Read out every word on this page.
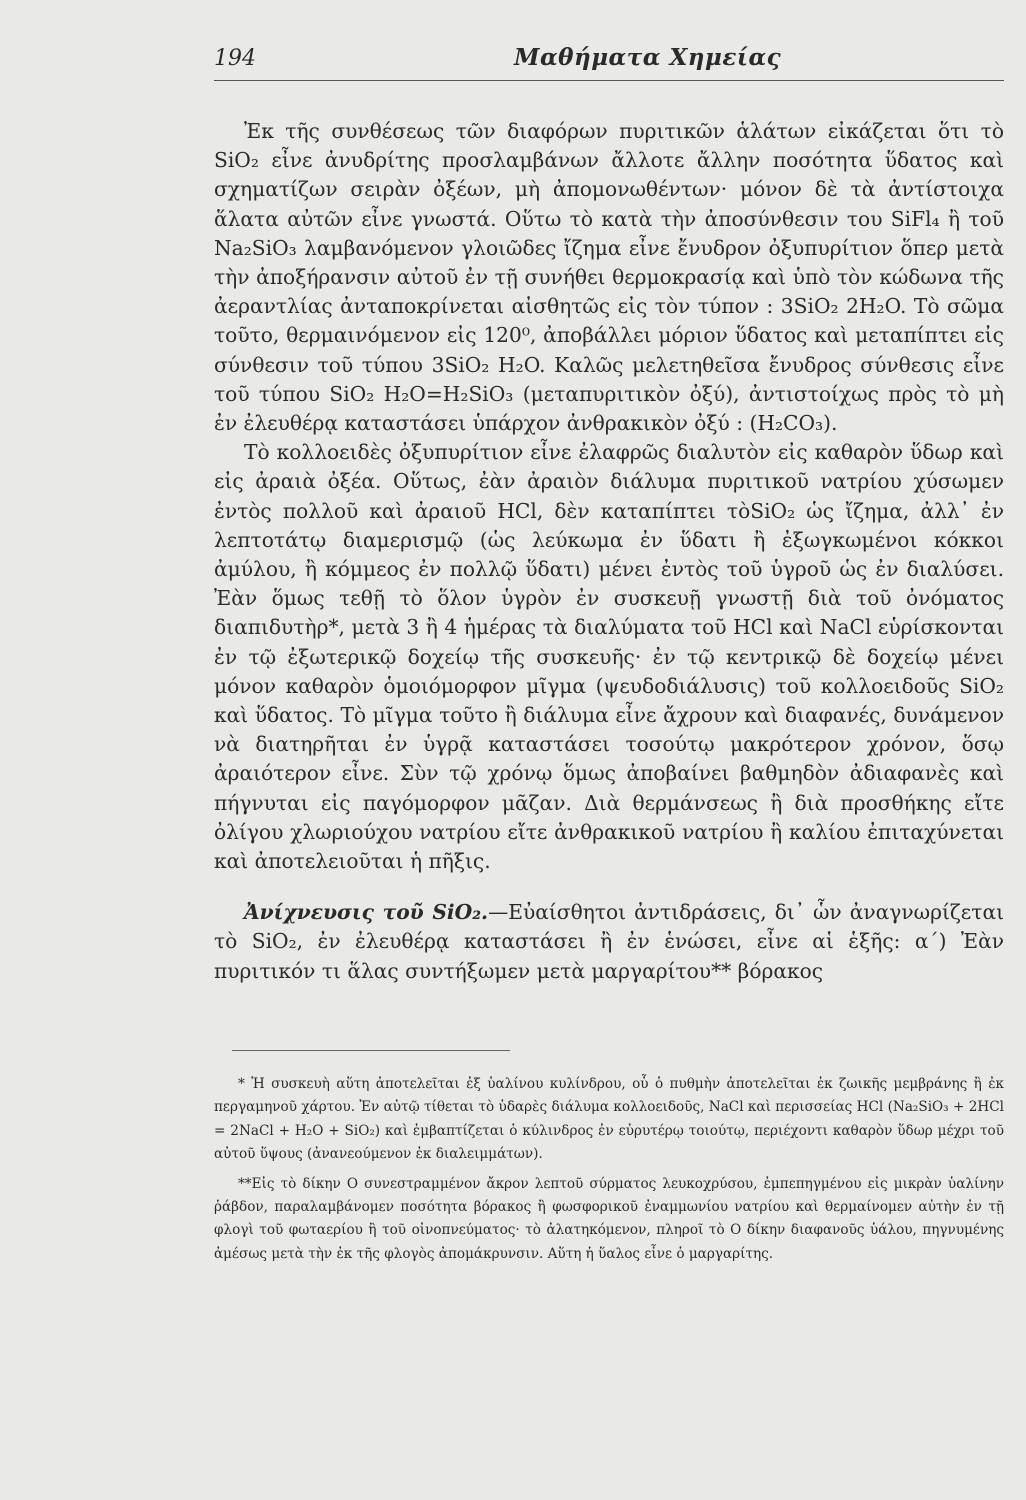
194	Μαθήματα Χημείας

Ἐκ τῆς συνθέσεως τῶν διαφόρων πυριτικῶν ἁλάτων εἰκάζεται ὅτι τὸ SiO₂ εἶνε ἀνυδρίτης προσλαμβάνων ἄλλοτε ἄλλην ποσότητα ὕδατος καὶ σχηματίζων σειρὰν ὀξέων, μὴ ἀπομονωθέντων· μόνον δὲ τὰ ἀντίστοιχα ἅλατα αὐτῶν εἶνε γνωστά. Οὕτω τὸ κατὰ τὴν ἀποσύνθεσιν του SiFl₄ ἢ τοῦ Na₂SiO₃ λαμβανόμενον γλοιῶδες ἴζημα εἶνε ἔνυδρον ὀξυπυρίτιον ὅπερ μετὰ τὴν ἀποξήρανσιν αὐτοῦ ἐν τῇ συνήθει θερμοκρασίᾳ καὶ ὑπὸ τὸν κώδωνα τῆς ἀεραντλίας ἀνταποκρίνεται αἰσθητῶς εἰς τὸν τύπον : 3SiO₂ 2H₂O. Τὸ σῶμα τοῦτο, θερμαινόμενον εἰς 120⁰, ἀποβάλλει μόριον ὕδατος καὶ μεταπίπτει εἰς σύνθεσιν τοῦ τύπου 3SiO₂ H₂O. Καλῶς μελετηθεῖσα ἔνυδρος σύνθεσις εἶνε τοῦ τύπου SiO₂ H₂O=H₂SiO₃ (μεταπυριτικὸν ὀξύ), ἀντιστοίχως πρὸς τὸ μὴ ἐν ἐλευθέρᾳ καταστάσει ὑπάρχον ἀνθρακικὸν ὀξύ : (H₂CO₃).

Τὸ κολλοειδὲς ὀξυπυρίτιον εἶνε ἐλαφρῶς διαλυτὸν εἰς καθαρὸν ὕδωρ καὶ εἰς ἀραιὰ ὀξέα. Οὕτως, ἐὰν ἀραιὸν διάλυμα πυριτικοῦ νατρίου χύσωμεν ἐντὸς πολλοῦ καὶ ἀραιοῦ HCl, δὲν καταπίπτει τὸSiO₂ ὡς ἴζημα, ἀλλ᾽ ἐν λεπτοτάτῳ διαμερισμῷ (ὡς λεύκωμα ἐν ὕδατι ἢ ἐξωγκωμένοι κόκκοι ἀμύλου, ἢ κόμμεος ἐν πολλῷ ὕδατι) μένει ἐντὸς τοῦ ὑγροῦ ὡς ἐν διαλύσει. Ἐὰν ὅμως τεθῇ τὸ ὅλον ὑγρὸν ἐν συσκευῇ γνωστῇ διὰ τοῦ ὀνόματος διαπιδυτὴρ*, μετὰ 3 ἢ 4 ἡμέρας τὰ διαλύματα τοῦ HCl καὶ NaCl εὑρίσκονται ἐν τῷ ἐξωτερικῷ δοχείῳ τῆς συσκευῆς· ἐν τῷ κεντρικῷ δὲ δοχείῳ μένει μόνον καθαρὸν ὁμοιόμορφον μῖγμα (ψευδοδιάλυσις) τοῦ κολλοειδοῦς SiO₂ καὶ ὕδατος. Τὸ μῖγμα τοῦτο ἢ διάλυμα εἶνε ἄχρουν καὶ διαφανές, δυνάμενον νὰ διατηρῆται ἐν ὑγρᾷ καταστάσει τοσούτῳ μακρότερον χρόνον, ὅσῳ ἀραιότερον εἶνε. Σὺν τῷ χρόνῳ ὅμως ἀποβαίνει βαθμηδὸν ἀδιαφανὲς καὶ πήγνυται εἰς παγόμορφον μᾶζαν. Διὰ θερμάνσεως ἢ διὰ προσθήκης εἴτε ὀλίγου χλωριούχου νατρίου εἴτε ἀνθρακικοῦ νατρίου ἢ καλίου ἐπιταχύνεται καὶ ἀποτελειοῦται ἡ πῆξις.

Ἀνίχνευσις τοῦ SiO₂.—Εὐαίσθητοι ἀντιδράσεις, δι᾽ ὧν ἀναγνωρίζεται τὸ SiO₂, ἐν ἐλευθέρᾳ καταστάσει ἢ ἐν ἑνώσει, εἶνε αἱ ἑξῆς: α΄) Ἐὰν πυριτικόν τι ἅλας συντήξωμεν μετὰ μαργαρίτου** βόρακος

* Ἡ συσκευὴ αὕτη ἀποτελεῖται ἐξ ὑαλίνου κυλίνδρου, οὗ ὁ πυθμὴν ἀποτελεῖται ἐκ ζωικῆς μεμβράνης ἢ ἐκ περγαμηνοῦ χάρτου. Ἐν αὐτῷ τίθεται τὸ ὑδαρὲς διάλυμα κολλοειδοῦς, NaCl καὶ περισσείας HCl (Na₂SiO₃ + 2HCl = 2NaCl + H₂O + SiO₂) καὶ ἐμβαπτίζεται ὁ κύλινδρος ἐν εὐρυτέρῳ τοιούτῳ, περιέχοντι καθαρὸν ὕδωρ μέχρι τοῦ αὐτοῦ ὕψους (ἀνανεούμενον ἐκ διαλειμμάτων).

**Εἰς τὸ δίκην Ο συνεστραμμένον ἄκρον λεπτοῦ σύρματος λευκοχρύσου, ἐμπεπηγμένου εἰς μικρὰν ὑαλίνην ῥάβδον, παραλαμβάνομεν ποσότητα βόρακος ἢ φωσφορικοῦ ἐναμμωνίου νατρίου καὶ θερμαίνομεν αὐτὴν ἐν τῇ φλογὶ τοῦ φωταερίου ἢ τοῦ οἰνοπνεύματος· τὸ ἀλατηκόμενον, πληροῖ τὸ Ο δίκην διαφανοῦς ὑάλου, πηγνυμένης ἀμέσως μετὰ τὴν ἐκ τῆς φλογὸς ἀπομάκρυνσιν. Αὕτη ἡ ὕαλος εἶνε ὁ μαργαρίτης.
